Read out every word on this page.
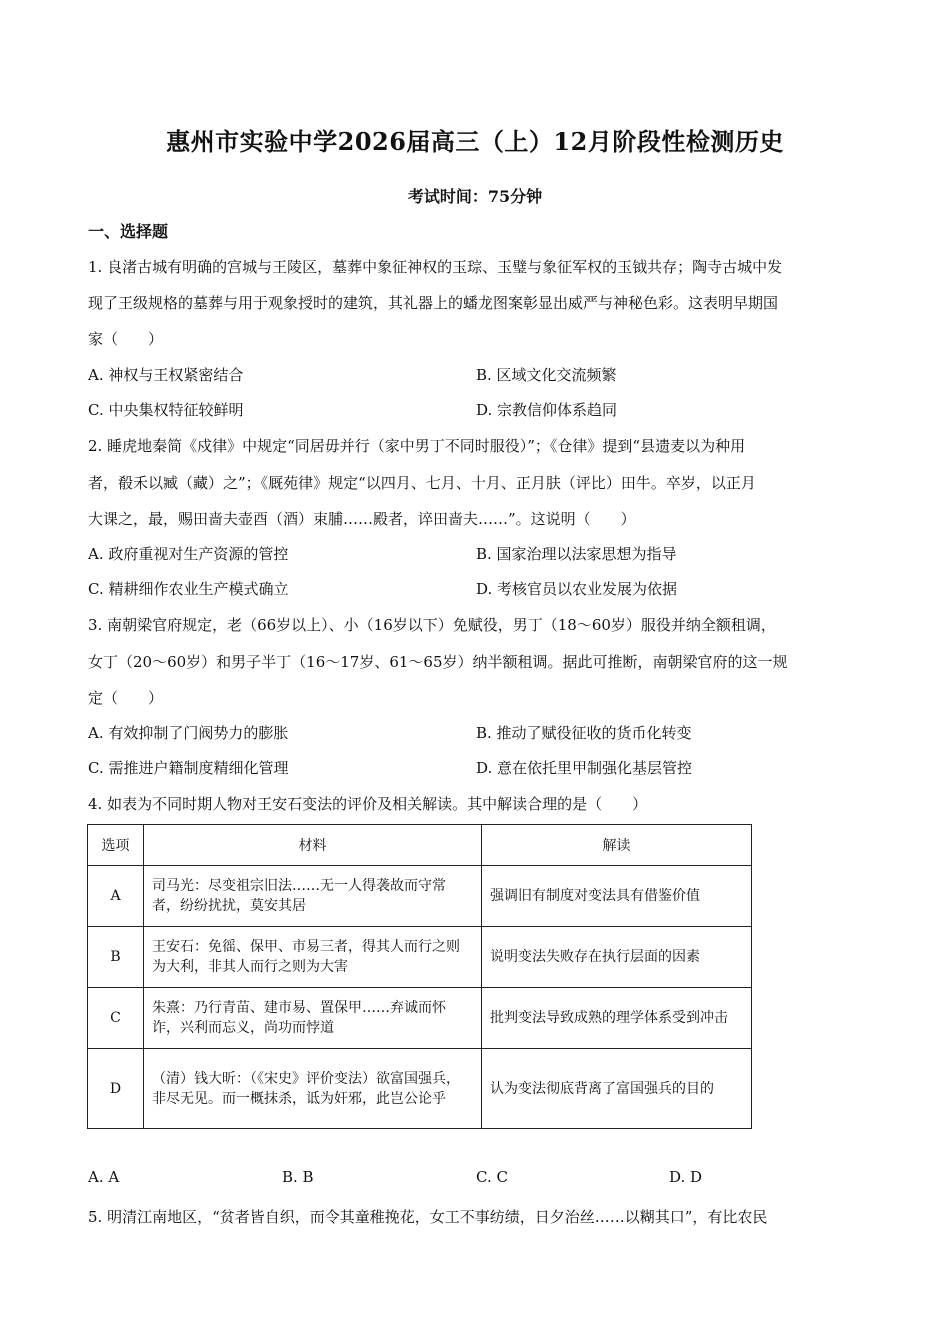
惠州市实验中学2026届高三（上）12月阶段性检测历史
考试时间：75分钟
一、选择题
1. 良渚古城有明确的宫城与王陵区，墓葬中象征神权的玉琮、玉璧与象征军权的玉钺共存；陶寺古城中发
现了王级规格的墓葬与用于观象授时的建筑，其礼器上的蟠龙图案彰显出威严与神秘色彩。这表明早期国
家（　　）
A. 神权与王权紧密结合	B. 区域文化交流频繁
C. 中央集权特征较鲜明	D. 宗教信仰体系趋同
2. 睡虎地秦简《戍律》中规定“同居毋并行（家中男丁不同时服役）”；《仓律》提到“县遗麦以为种用
者，殽禾以臧（藏）之”；《厩苑律》规定“以四月、七月、十月、正月肤（评比）田牛。卒岁，以正月
大课之，最，赐田啬夫壶酉（酒）束脯……殿者，谇田啬夫……”。这说明（　　）
A. 政府重视对生产资源的管控	B. 国家治理以法家思想为指导
C. 精耕细作农业生产模式确立	D. 考核官员以农业发展为依据
3. 南朝梁官府规定，老（66岁以上）、小（16岁以下）免赋役，男丁（18～60岁）服役并纳全额租调，
女丁（20～60岁）和男子半丁（16～17岁、61～65岁）纳半额租调。据此可推断，南朝梁官府的这一规
定（　　）
A. 有效抑制了门阀势力的膨胀	B. 推动了赋役征收的货币化转变
C. 需推进户籍制度精细化管理	D. 意在依托里甲制强化基层管控
4. 如表为不同时期人物对王安石变法的评价及相关解读。其中解读合理的是（　　）
选项	材料	解读
A	司马光：尽变祖宗旧法……无一人得袭故而守常者，纷纷扰扰，莫安其居	强调旧有制度对变法具有借鉴价值
B	王安石：免徭、保甲、市易三者，得其人而行之则为大利，非其人而行之则为大害	说明变法失败存在执行层面的因素
C	朱熹：乃行青苗、建市易、置保甲……弃诚而怀诈，兴利而忘义，尚功而悖道	批判变法导致成熟的理学体系受到冲击
D	（清）钱大昕：（《宋史》评价变法）欲富国强兵，非尽无见。而一概抹杀，诋为奸邪，此岂公论乎	认为变法彻底背离了富国强兵的目的
A. A	B. B	C. C	D. D
5. 明清江南地区，“贫者皆自织，而令其童稚挽花，女工不事纺绩，日夕治丝……以糊其口”，有比农民
